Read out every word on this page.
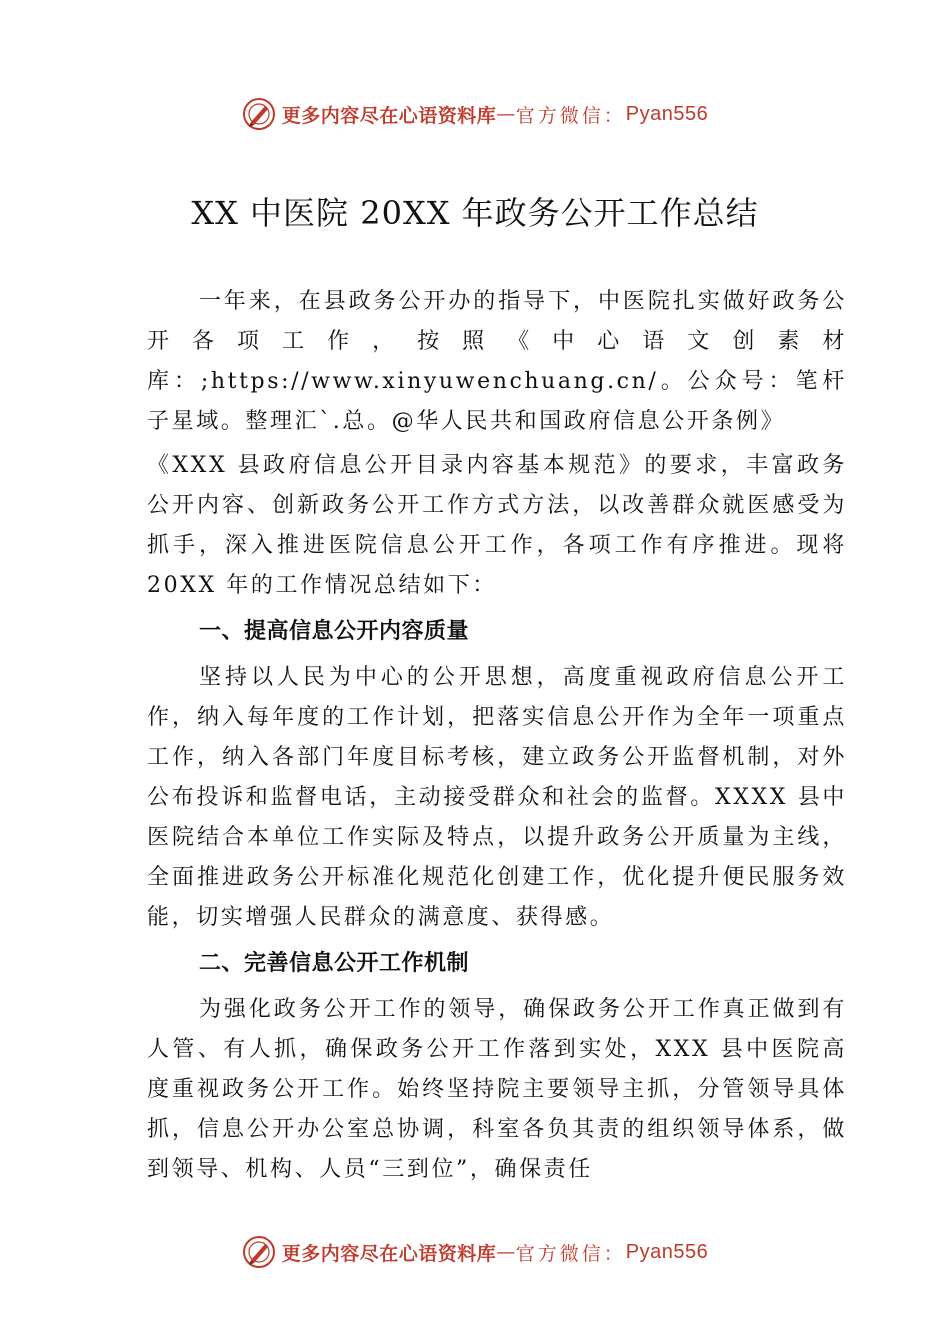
更多内容尽在心语资料库 — 官方微信： Pyan556
XX 中医院 20XX 年政务公开工作总结

一年来，在县政务公开办的指导下，中医院扎实做好政务公开各项工作，按照《中心语文创素材库：;https://www.xinyuwenchuang.cn/。公众号：笔杆子星域。整理汇`.总。@华人民共和国政府信息公开条例》

《XXX 县政府信息公开目录内容基本规范》的要求，丰富政务公开内容、创新政务公开工作方式方法，以改善群众就医感受为抓手，深入推进医院信息公开工作，各项工作有序推进。现将 20XX 年的工作情况总结如下：

一、提高信息公开内容质量

坚持以人民为中心的公开思想，高度重视政府信息公开工作，纳入每年度的工作计划，把落实信息公开作为全年一项重点工作，纳入各部门年度目标考核，建立政务公开监督机制，对外公布投诉和监督电话，主动接受群众和社会的监督。XXXX 县中医院结合本单位工作实际及特点，以提升政务公开质量为主线，全面推进政务公开标准化规范化创建工作，优化提升便民服务效能，切实增强人民群众的满意度、获得感。

二、完善信息公开工作机制

为强化政务公开工作的领导，确保政务公开工作真正做到有人管、有人抓，确保政务公开工作落到实处，XXX 县中医院高度重视政务公开工作。始终坚持院主要领导主抓，分管领导具体抓，信息公开办公室总协调，科室各负其责的组织领导体系，做到领导、机构、人员“三到位”，确保责任

更多内容尽在心语资料库 — 官方微信： Pyan556
